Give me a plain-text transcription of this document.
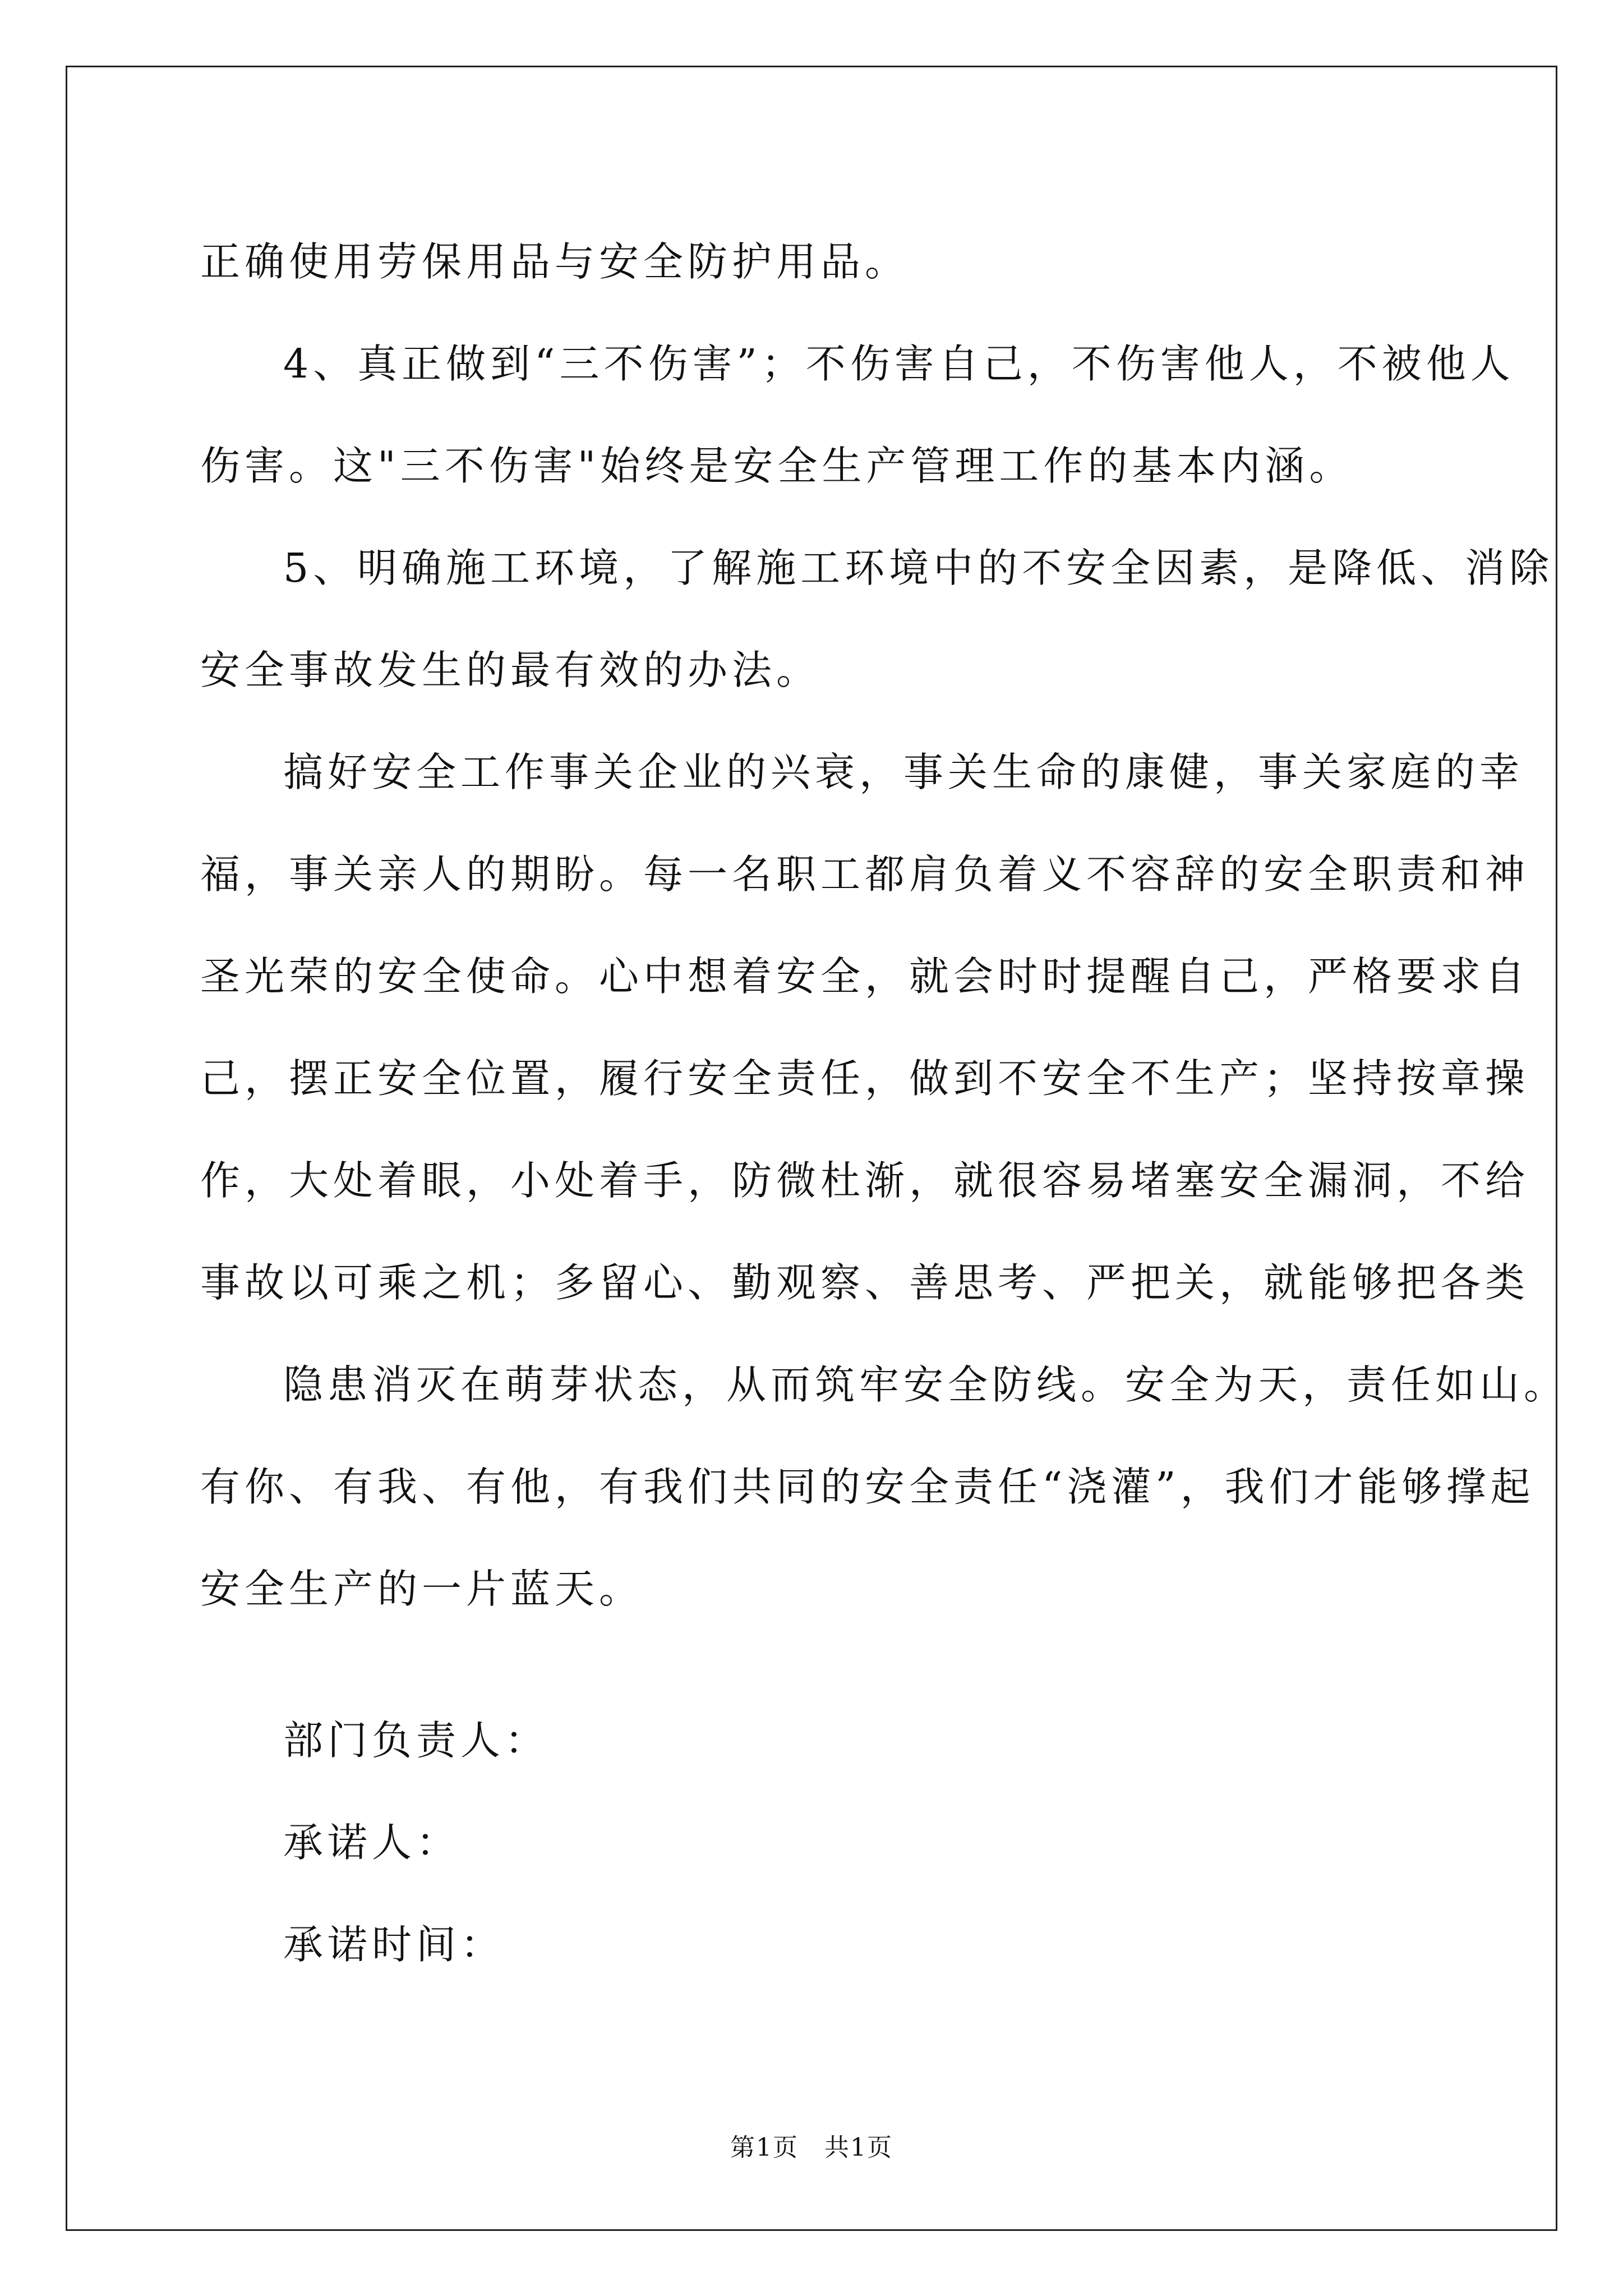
正确使用劳保用品与安全防护用品。
4、真正做到“三不伤害”；不伤害自己，不伤害他人，不被他人
伤害。这"三不伤害"始终是安全生产管理工作的基本内涵。
5、明确施工环境，了解施工环境中的不安全因素，是降低、消除
安全事故发生的最有效的办法。
搞好安全工作事关企业的兴衰，事关生命的康健，事关家庭的幸
福，事关亲人的期盼。每一名职工都肩负着义不容辞的安全职责和神
圣光荣的安全使命。心中想着安全，就会时时提醒自己，严格要求自
己，摆正安全位置，履行安全责任，做到不安全不生产；坚持按章操
作，大处着眼，小处着手，防微杜渐，就很容易堵塞安全漏洞，不给
事故以可乘之机；多留心、勤观察、善思考、严把关，就能够把各类
隐患消灭在萌芽状态，从而筑牢安全防线。安全为天，责任如山。
有你、有我、有他，有我们共同的安全责任“浇灌”，我们才能够撑起
安全生产的一片蓝天。
部门负责人：
承诺人：
承诺时间：
第1页　共1页
